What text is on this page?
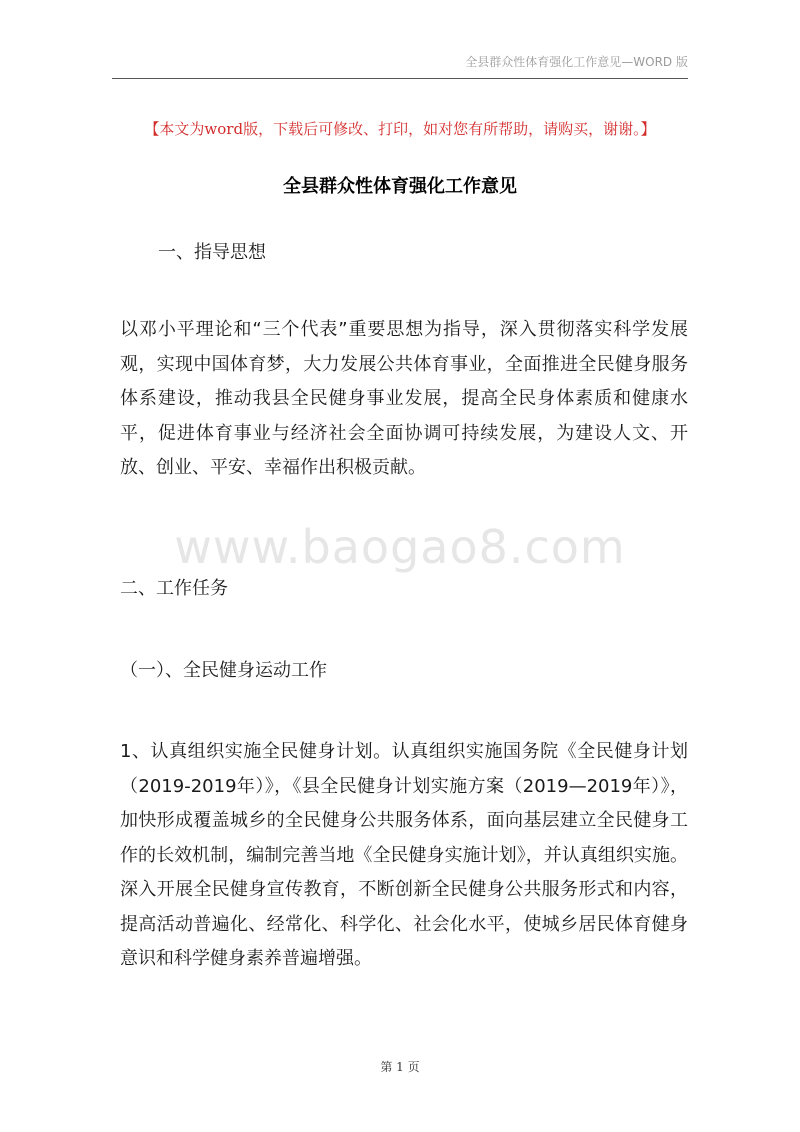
全县群众性体育强化工作意见—WORD 版
【本文为word版，下载后可修改、打印，如对您有所帮助，请购买，谢谢。】
全县群众性体育强化工作意见
一、指导思想
以邓小平理论和“三个代表”重要思想为指导，深入贯彻落实科学发展观，实现中国体育梦，大力发展公共体育事业，全面推进全民健身服务体系建设，推动我县全民健身事业发展，提高全民身体素质和健康水平，促进体育事业与经济社会全面协调可持续发展，为建设人文、开放、创业、平安、幸福作出积极贡献。
www.baogao8.com
二、工作任务
（一）、全民健身运动工作
1、认真组织实施全民健身计划。认真组织实施国务院《全民健身计划（2019-2019年）》，《县全民健身计划实施方案（2019—2019年）》，加快形成覆盖城乡的全民健身公共服务体系，面向基层建立全民健身工作的长效机制，编制完善当地《全民健身实施计划》，并认真组织实施。深入开展全民健身宣传教育，不断创新全民健身公共服务形式和内容，提高活动普遍化、经常化、科学化、社会化水平，使城乡居民体育健身意识和科学健身素养普遍增强。
第 1 页
